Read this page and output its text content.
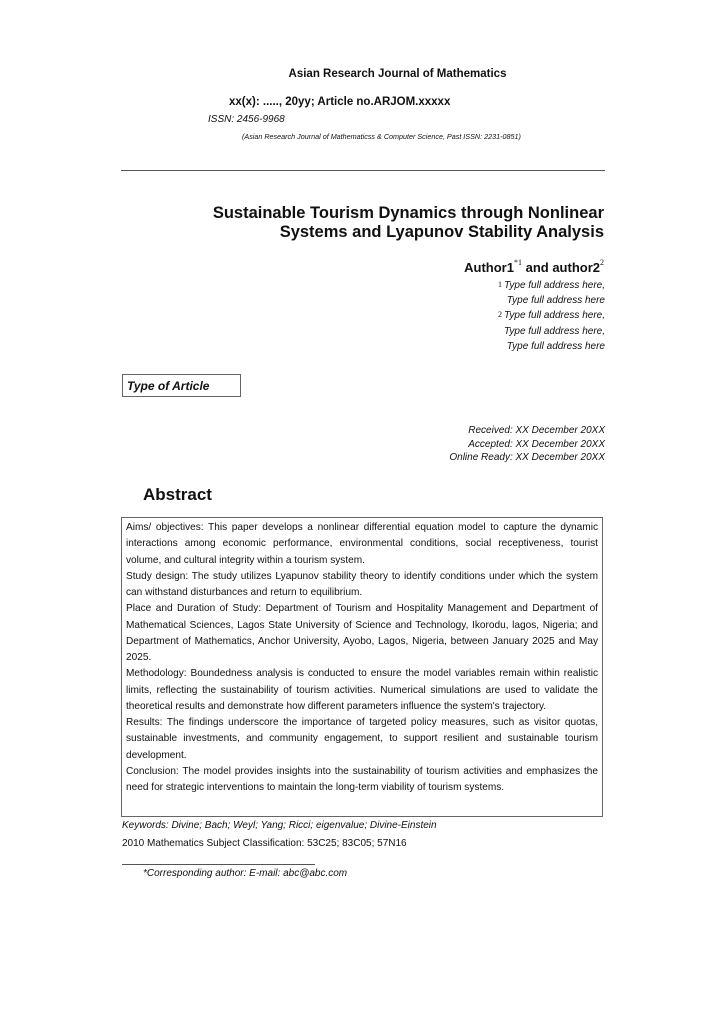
Asian Research Journal of Mathematics
xx(x): ....., 20yy; Article no.ARJOM.xxxxx
ISSN: 2456-9968
(Asian Research Journal of Mathematicss & Computer Science, Past ISSN: 2231-0851)
Sustainable Tourism Dynamics through Nonlinear
Systems and Lyapunov Stability Analysis
Author1$^{*1}$ and $author2^2$
$^1$ Type full address here,
Type full address here
$^2$ Type full address here,
Type full address here,
Type full address here
Type of Article
Received: XX December 20XX
Accepted: XX December 20XX
Online Ready: XX December 20XX
Abstract

Aims/ objectives: This paper develops a nonlinear differential equation model to capture the dynamic interactions among economic performance, environmental conditions, social receptiveness, tourist volume, and cultural integrity within a tourism system.

Study design: The study utilizes Lyapunov stability theory to identify conditions under which the system can withstand disturbances and return to equilibrium.

Place and Duration of Study: Department of Tourism and Hospitality Management and Department of Mathematical Sciences, Lagos State University of Science and Technology, Ikorodu, lagos, Nigeria; and Department of Mathematics, Anchor University, Ayobo, Lagos, Nigeria, between January 2025 and May 2025.

Methodology: Boundedness analysis is conducted to ensure the model variables remain within realistic limits, reflecting the sustainability of tourism activities. Numerical simulations are used to validate the theoretical results and demonstrate how different parameters influence the system's trajectory.

Results: The findings underscore the importance of targeted policy measures, such as visitor quotas, sustainable investments, and community engagement, to support resilient and sustainable tourism development.

Conclusion: The model provides insights into the sustainability of tourism activities and emphasizes the need for strategic interventions to maintain the long-term viability of tourism systems.

Keywords: Divine; Bach; Weyl; Yang; Ricci; eigenvalue; Divine-Einstein
2010 Mathematics Subject Classification: 53C25; 83C05; 57N16
*Corresponding author: E-mail: abc@abc.com
